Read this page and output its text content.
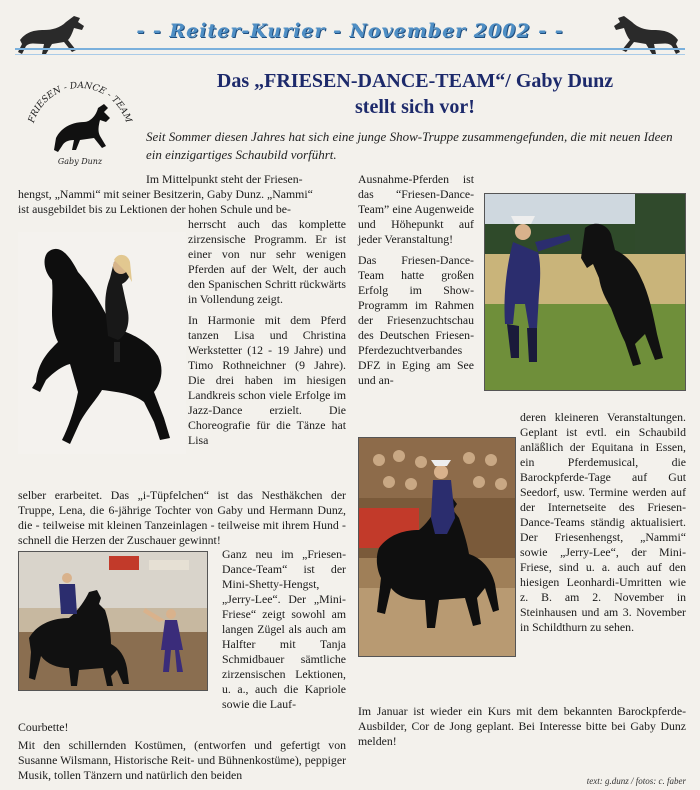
- - Reiter-Kurier - November 2002 - -
FRIESEN - DANCE - TEAM
Gaby Dunz
Das „FRIESEN-DANCE-TEAM“/ Gaby Dunz
stellt sich vor!
Seit Sommer diesen Jahres hat sich eine junge Show-Truppe zusammengefunden, die mit neuen Ideen ein einzigartiges Schaubild vorführt.
Im Mittelpunkt steht der Friesen-
hengst, „Nammi“ mit seiner Besitzerin, Gaby Dunz. „Nammi“
ist ausgebildet bis zu Lektionen der hohen Schule und be-

herrscht auch das komplette zirzensische Programm. Er ist einer von nur sehr wenigen Pferden auf der Welt, der auch den Spanischen Schritt rückwärts in Vollendung zeigt.

In Harmonie mit dem Pferd tanzen Lisa und Christina Werkstetter (12 - 19 Jahre) und Timo Rothneichner (9 Jahre). Die drei haben im hiesigen Landkreis schon viele Erfolge im Jazz-Dance erzielt. Die Choreografie für die Tänze hat Lisa

selber erarbeitet. Das „i-Tüpfelchen“ ist das Nesthäkchen der Truppe, Lena, die 6-jährige Tochter von Gaby und Hermann Dunz, die - teilweise mit kleinen Tanzeinlagen - teilweise mit ihrem Hund - schnell die Herzen der Zuschauer gewinnt!
Ganz neu im „Friesen-Dance-Team“ ist der Mini-Shetty-Hengst, „Jerry-Lee“. Der „Mini-Friese“ zeigt sowohl am langen Zügel als auch am Halfter mit Tanja Schmidbauer sämtliche zirzensischen Lektionen, u. a., auch die Kapriole sowie die Lauf-
Courbette!
Mit den schillernden Kostümen, (entworfen und gefertigt von Susanne Wilsmann, Historische Reit- und Bühnenkostüme), peppiger Musik, tollen Tänzern und natürlich den beiden

Ausnahme-Pferden ist das “Friesen-Dance-Team” eine Augenweide und Höhepunkt auf jeder Veranstaltung!

Das Friesen-Dance-Team hatte großen Erfolg im Show-Programm im Rahmen der Friesenzuchtschau des Deutschen Friesen-Pferdezuchtverbandes DFZ in Eging am See und an-

deren kleineren Veranstaltungen. Geplant ist evtl. ein Schaubild anläßlich der Equitana in Essen, ein Pferdemusical, die Barockpferde-Tage auf Gut Seedorf, usw. Termine werden auf der Internetseite des Friesen-Dance-Teams ständig aktualisiert. Der Friesenhengst, „Nammi“ sowie „Jerry-Lee“, der Mini-Friese, sind u. a. auch auf den hiesigen Leonhardi-Umritten wie z. B. am 2. November in Steinhausen und am 3. November in Schildthurn zu sehen.
Im Januar ist wieder ein Kurs mit dem bekannten Barockpferde-Ausbilder, Cor de Jong geplant. Bei Interesse bitte bei Gaby Dunz melden!
text: g.dunz / fotos: c. faber
